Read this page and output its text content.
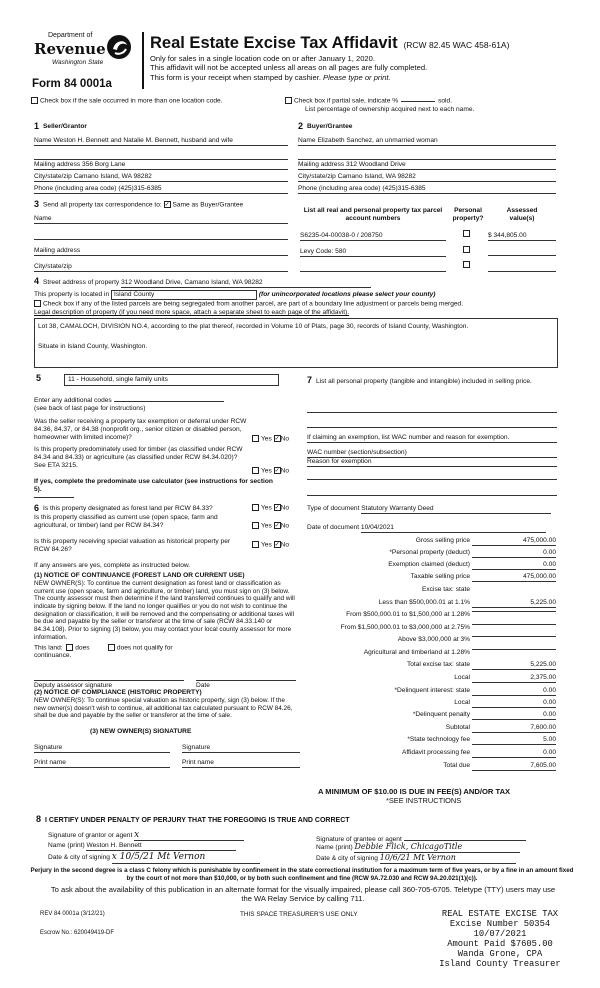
Department of
Revenue
Washington State
Form 84 0001a
Real Estate Excise Tax Affidavit (RCW 82.45 WAC 458-61A)
Only for sales in a single location code on or after January 1, 2020.
This affidavit will not be accepted unless all areas on all pages are fully completed.
This form is your receipt when stamped by cashier. Please type or print.
Check box if the sale occurred in more than one location code.	Check box if partial sale, indicate %	sold.
List percentage of ownership acquired next to each name.
1 Seller/Grantor	2 Buyer/Grantee
Name Weston H. Bennett and Natalie M. Bennett, husband and wife
Mailing address 356 Borg Lane
City/state/zip Camano Island, WA 98282
Phone (including area code) (425)315-6385
Name Elizabeth Sanchez, an unmarried woman
Mailing address 312 Woodland Drive
City/state/zip Camano Island, WA 98282
Phone (including area code) (425)315-6385
3 Send all property tax correspondence to: ✓ Same as Buyer/Grantee
Name
Mailing address
City/state/zip
List all real and personal property tax parcel account numbers
Personal property?
Assessed value(s)
S6235-04-00038-0 / 208750	$ 344,805.00
Levy Code: 580
4 Street address of property 312 Woodland Drive, Camano Island, WA 98282
This property is located in Island County	(for unincorporated locations please select your county)
Check box if any of the listed parcels are being segregated from another parcel, are part of a boundary line adjustment or parcels being merged.
Legal description of property (if you need more space, attach a separate sheet to each page of the affidavit).
Lot 38, CAMALOCH, DIVISION NO.4, according to the plat thereof, recorded in Volume 10 of Plats, page 30, records of Island County, Washington.
Situate in Island County, Washington.
5	11 - Household, single family units
Enter any additional codes
(see back of last page for instructions)
Was the seller receiving a property tax exemption or deferral under RCW 84.36, 84.37, or 84.38 (nonprofit org., senior citizen or disabled person, homeowner with limited income)?	Yes ✓No
Is this property predominately used for timber (as classified under RCW 84.34 and 84.33) or agriculture (as classified under RCW 84.34.020)? See ETA 3215.
Yes ✓No
If yes, complete the predominate use calculator (see instructions for section 5).
7 List all personal property (tangible and intangible) included in selling price.
If claiming an exemption, list WAC number and reason for exemption.
WAC number (section/subsection)
Reason for exemption
6 Is this property designated as forest land per RCW 84.33?	Yes ✓No
Is this property classified as current use (open space, farm and agricultural, or timber) land per RCW 84.34?	Yes ✓No
Is this property receiving special valuation as historical property per RCW 84.26?
Yes ✓No
If any answers are yes, complete as instructed below.
(1) NOTICE OF CONTINUANCE (FOREST LAND OR CURRENT USE)
NEW OWNER(S): To continue the current designation as forest land or classification as current use (open space, farm and agriculture, or timber) land, you must sign on (3) below. The county assessor must then determine if the land transferred continues to qualify and will indicate by signing below. If the land no longer qualifies or you do not wish to continue the designation or classification, it will be removed and the compensating or additional taxes will be due and payable by the seller or transferor at the time of sale (RCW 84.33.140 or 84.34.108). Prior to signing (3) below, you may contact your local county assessor for more information.
This land: does	does not qualify for
continuance.
Deputy assessor signature	Date
(2) NOTICE OF COMPLIANCE (HISTORIC PROPERTY)
NEW OWNER(S): To continue special valuation as historic property, sign (3) below. If the new owner(s) doesn't wish to continue, all additional tax calculated pursuant to RCW 84.26, shall be due and payable by the seller or transferor at the time of sale.
(3) NEW OWNER(S) SIGNATURE
Signature	Signature
Print name	Print name
Type of document Statutory Warranty Deed
Date of document 10/04/2021
Gross selling price	475,000.00
*Personal property (deduct)	0.00
Exemption claimed (deduct)	0.00
Taxable selling price	475,000.00
Excise tax: state
Less than $500,000.01 at 1.1%	5,225.00
From $500,000.01 to $1,500,000 at 1.28%
From $1,500,000.01 to $3,000,000 at 2.75%
Above $3,000,000 at 3%
Agricultural and timberland at 1.28%
Total excise tax: state	5,225.00
Local	2,375.00
*Delinquent interest: state	0.00
Local	0.00
*Delinquent penalty	0.00
Subtotal	7,600.00
*State technology fee	5.00
Affidavit processing fee	0.00
Total due	7,605.00
A MINIMUM OF $10.00 IS DUE IN FEE(S) AND/OR TAX
*SEE INSTRUCTIONS
8 I CERTIFY UNDER PENALTY OF PERJURY THAT THE FOREGOING IS TRUE AND CORRECT
Signature of grantor or agent x
Name (print) Weston H. Bennett
Date & city of signing x 10/5/21 Mt Vernon
Signature of grantee or agent
Name (print) Debbie Flick, ChicagoTitle
Date & city of signing 10/6/21 Mt Vernon
Perjury in the second degree is a class C felony which is punishable by confinement in the state correctional institution for a maximum term of five years, or by a fine in an amount fixed by the court of not more than $10,000, or by both such confinement and fine (RCW 9A.72.030 and RCW 9A.20.021(1)(c)).
To ask about the availability of this publication in an alternate format for the visually impaired, please call 360-705-6705. Teletype (TTY) users may use the WA Relay Service by calling 711.
REV 84 0001a (3/12/21)
Escrow No.: 620049419-DF
THIS SPACE TREASURER'S USE ONLY	REAL ESTATE EXCISE TAX
Excise Number 50354
10/07/2021
Amount Paid $7605.00
Wanda Grone, CPA
Island County Treasurer
